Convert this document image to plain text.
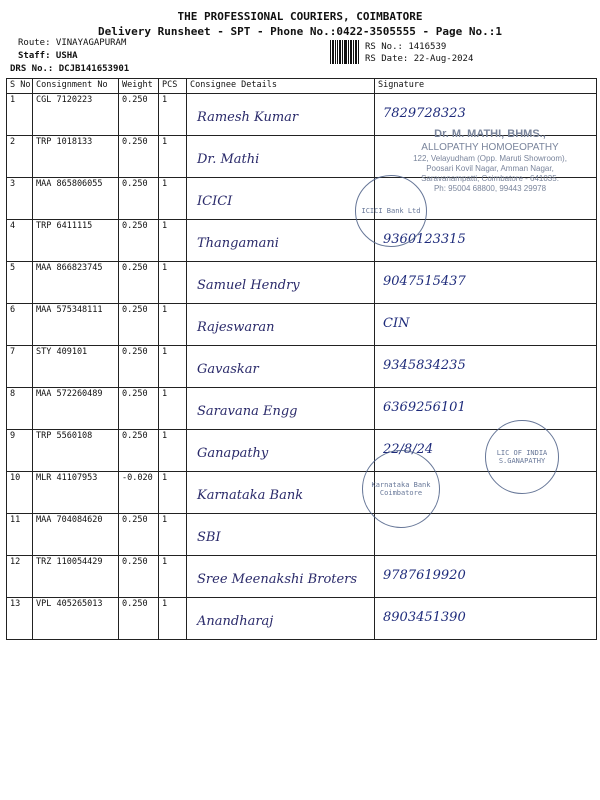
THE PROFESSIONAL COURIERS, COIMBATORE
Delivery Runsheet - SPT - Phone No.:0422-3505555 - Page No.:1
Route: VINAYAGAPURAM
Staff: USHA
DRS No.: DCJB141653901
RS No.: 1416539
RS Date: 22-Aug-2024
S No	Consignment No	Weight	PCS	Consignee Details	Signature
1	CGL 7120223	0.250	1	Ramesh Kumar	7829728323

2	TRP 1018133	0.250	1	Dr. Mathi	

3	MAA 865806055	0.250	1	ICICI	

4	TRP 6411115	0.250	1	Thangamani	9360123315

5	MAA 866823745	0.250	1	Samuel Hendry	9047515437

6	MAA 575348111	0.250	1	Rajeswaran	CIN

7	STY 409101	0.250	1	Gavaskar	9345834235

8	MAA 572260489	0.250	1	Saravana Engg	6369256101

9	TRP 5560108	0.250	1	Ganapathy	22/8/24

10	MLR 41107953	-0.020	1	Karnataka Bank	

11	MAA 704084620	0.250	1	SBI	

12	TRZ 110054429	0.250	1	Sree Meenakshi Broters	9787619920

13	VPL 405265013	0.250	1	Anandharaj	8903451390
Dr. M. MATHI, BHMS.,
ALLOPATHY HOMOEOPATHY
122, Velayudham (Opp. Maruti Showroom),
Poosari Kovil Nagar, Amman Nagar,
Saravanampatti, Coimbatore - 641035.
Ph: 95004 68800, 99443 29978
ICICI Bank Ltd
LIC OF INDIA S.GANAPATHY
Karnataka Bank Coimbatore
